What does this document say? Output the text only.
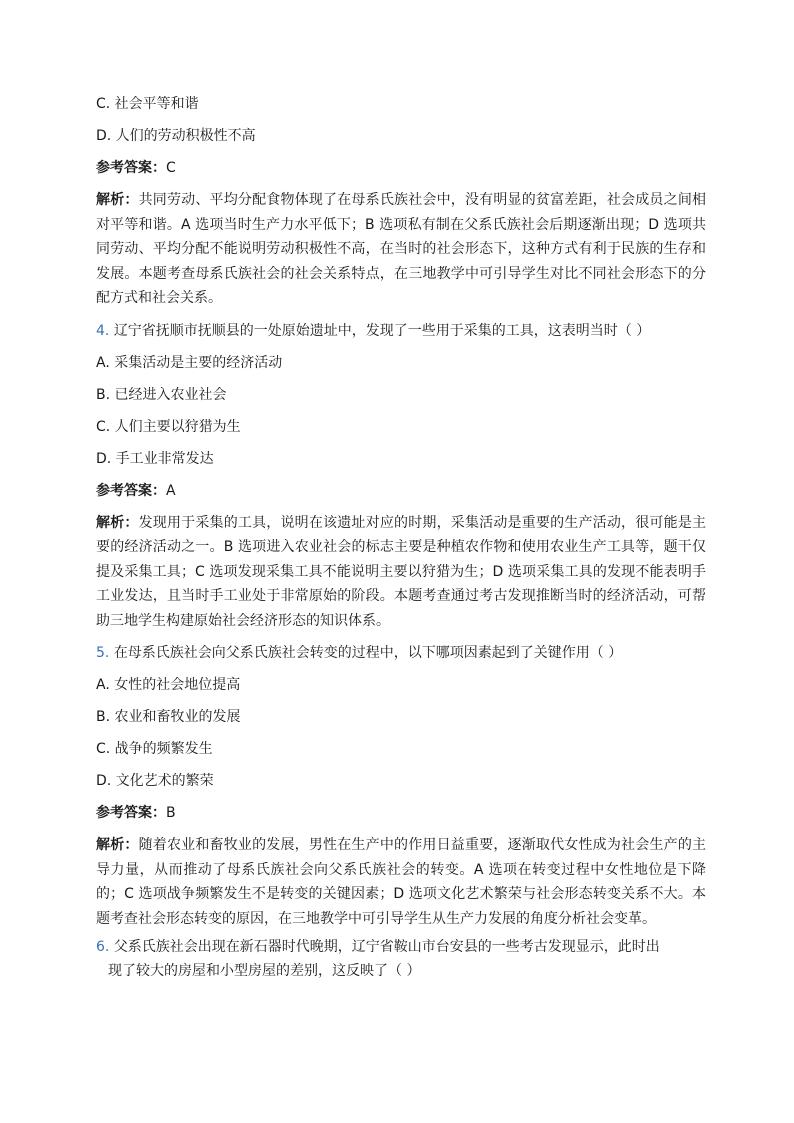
C. 社会平等和谐
D. 人们的劳动积极性不高
参考答案：C
解析：共同劳动、平均分配食物体现了在母系氏族社会中，没有明显的贫富差距，社会成员之间相对平等和谐。A 选项当时生产力水平低下；B 选项私有制在父系氏族社会后期逐渐出现；D 选项共同劳动、平均分配不能说明劳动积极性不高，在当时的社会形态下，这种方式有利于民族的生存和发展。本题考查母系氏族社会的社会关系特点，在三地教学中可引导学生对比不同社会形态下的分配方式和社会关系。
4. 辽宁省抚顺市抚顺县的一处原始遗址中，发现了一些用于采集的工具，这表明当时（ ）
A. 采集活动是主要的经济活动
B. 已经进入农业社会
C. 人们主要以狩猎为生
D. 手工业非常发达
参考答案：A
解析：发现用于采集的工具，说明在该遗址对应的时期，采集活动是重要的生产活动，很可能是主要的经济活动之一。B 选项进入农业社会的标志主要是种植农作物和使用农业生产工具等，题干仅提及采集工具；C 选项发现采集工具不能说明主要以狩猎为生；D 选项采集工具的发现不能表明手工业发达，且当时手工业处于非常原始的阶段。本题考查通过考古发现推断当时的经济活动，可帮助三地学生构建原始社会经济形态的知识体系。
5. 在母系氏族社会向父系氏族社会转变的过程中，以下哪项因素起到了关键作用（ ）
A. 女性的社会地位提高
B. 农业和畜牧业的发展
C. 战争的频繁发生
D. 文化艺术的繁荣
参考答案：B
解析：随着农业和畜牧业的发展，男性在生产中的作用日益重要，逐渐取代女性成为社会生产的主导力量，从而推动了母系氏族社会向父系氏族社会的转变。A 选项在转变过程中女性地位是下降的；C 选项战争频繁发生不是转变的关键因素；D 选项文化艺术繁荣与社会形态转变关系不大。本题考查社会形态转变的原因，在三地教学中可引导学生从生产力发展的角度分析社会变革。
6. 父系氏族社会出现在新石器时代晚期，辽宁省鞍山市台安县的一些考古发现显示，此时出
现了较大的房屋和小型房屋的差别，这反映了（ ）
